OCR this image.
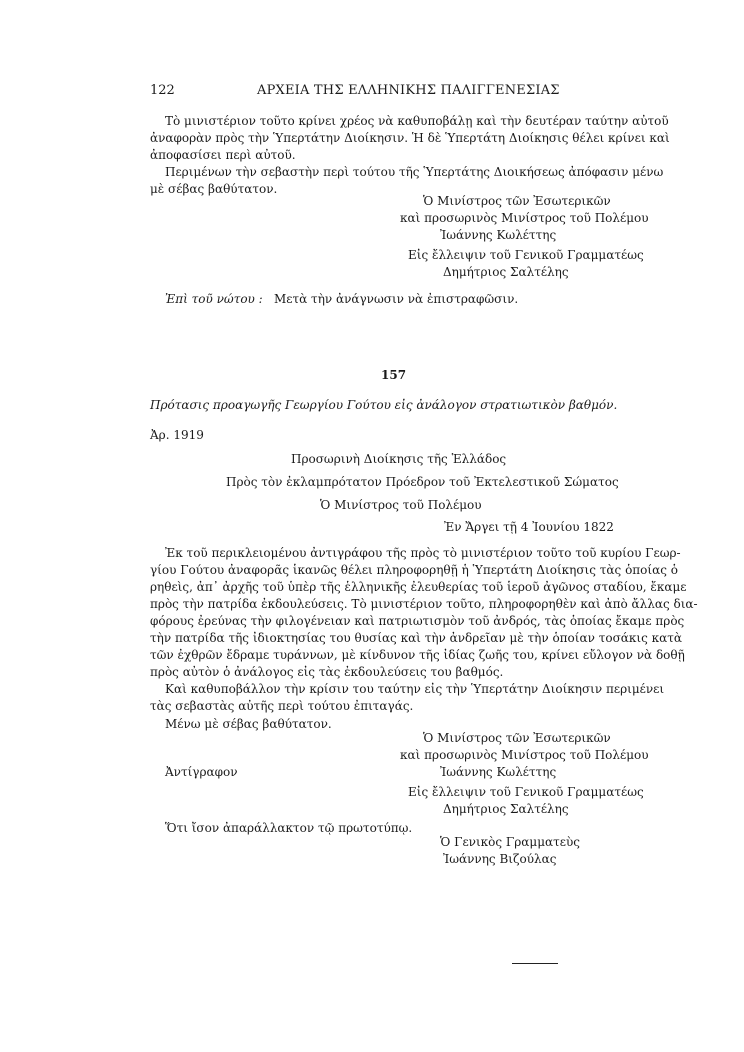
122	ΑΡΧΕΙΑ ΤΗΣ ΕΛΛΗΝΙΚΗΣ ΠΑΛΙΓΓΕΝΕΣΙΑΣ
Τὸ μινιστέριον τοῦτο κρίνει χρέος νὰ καθυποβάλῃ καὶ τὴν δευτέραν ταύτην αὐτοῦ
ἀναφορὰν πρὸς τὴν Ὑπερτάτην Διοίκησιν. Ἡ δὲ Ὑπερτάτη Διοίκησις θέλει κρίνει καὶ
ἀποφασίσει περὶ αὐτοῦ.
Περιμένων τὴν σεβαστὴν περὶ τούτου τῆς Ὑπερτάτης Διοικήσεως ἀπόφασιν μένω
μὲ σέβας βαθύτατον.
Ὁ Μινίστρος τῶν Ἐσωτερικῶν
καὶ προσωρινὸς Μινίστρος τοῦ Πολέμου
Ἰωάννης Κωλέττης
Εἰς ἔλλειψιν τοῦ Γενικοῦ Γραμματέως
Δημήτριος Σαλτέλης
Ἐπὶ τοῦ νώτου : Μετὰ τὴν ἀνάγνωσιν νὰ ἐπιστραφῶσιν.
157
Πρότασις προαγωγῆς Γεωργίου Γούτου εἰς ἀνάλογον στρατιωτικὸν βαθμόν.
Ἀρ. 1919
Προσωρινὴ Διοίκησις τῆς Ἑλλάδος
Πρὸς τὸν ἐκλαμπρότατον Πρόεδρον τοῦ Ἐκτελεστικοῦ Σώματος
Ὁ Μινίστρος τοῦ Πολέμου
Ἐν Ἄργει τῇ 4 Ἰουνίου 1822
Ἐκ τοῦ περικλειομένου ἀντιγράφου τῆς πρὸς τὸ μινιστέριον τοῦτο τοῦ κυρίου Γεωρ-
γίου Γούτου ἀναφορᾶς ἱκανῶς θέλει πληροφορηθῇ ἡ Ὑπερτάτη Διοίκησις τὰς ὁποίας ὁ
ρηθεὶς, ἀπ᾽ ἀρχῆς τοῦ ὑπὲρ τῆς ἑλληνικῆς ἐλευθερίας τοῦ ἱεροῦ ἀγῶνος σταδίου, ἔκαμε
πρὸς τὴν πατρίδα ἐκδουλεύσεις. Τὸ μινιστέριον τοῦτο, πληροφορηθὲν καὶ ἀπὸ ἄλλας δια-
φόρους ἐρεύνας τὴν φιλογένειαν καὶ πατριωτισμὸν τοῦ ἀνδρός, τὰς ὁποίας ἔκαμε πρὸς
τὴν πατρίδα τῆς ἰδιοκτησίας του θυσίας καὶ τὴν ἀνδρεῖαν μὲ τὴν ὁποίαν τοσάκις κατὰ
τῶν ἐχθρῶν ἔδραμε τυράννων, μὲ κίνδυνον τῆς ἰδίας ζωῆς του, κρίνει εὔλογον νὰ δοθῇ
πρὸς αὐτὸν ὁ ἀνάλογος εἰς τὰς ἐκδουλεύσεις του βαθμός.
Καὶ καθυποβάλλον τὴν κρίσιν του ταύτην εἰς τὴν Ὑπερτάτην Διοίκησιν περιμένει
τὰς σεβαστὰς αὐτῆς περὶ τούτου ἐπιταγάς.
Μένω μὲ σέβας βαθύτατον.
Ὁ Μινίστρος τῶν Ἐσωτερικῶν
καὶ προσωρινὸς Μινίστρος τοῦ Πολέμου
Ἀντίγραφον	Ἰωάννης Κωλέττης
Εἰς ἔλλειψιν τοῦ Γενικοῦ Γραμματέως
Δημήτριος Σαλτέλης
Ὅτι ἴσον ἀπαράλλακτον τῷ πρωτοτύπῳ.
Ὁ Γενικὸς Γραμματεὺς
Ἰωάννης Βιζούλας
